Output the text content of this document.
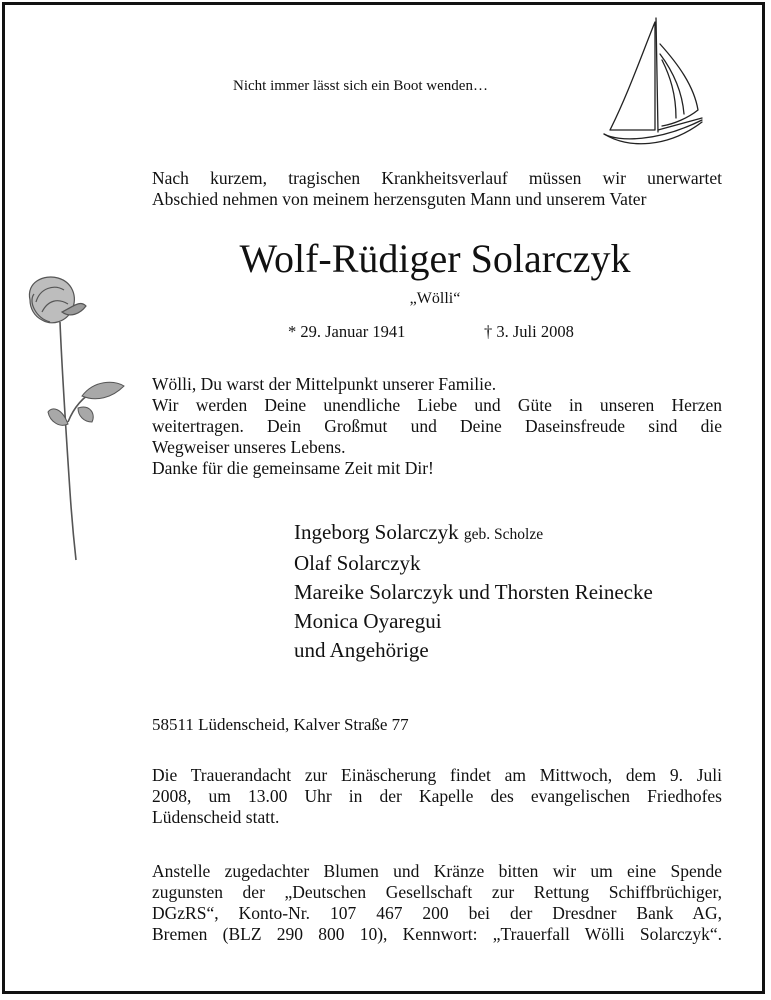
Nicht immer lässt sich ein Boot wenden…

Nach kurzem, tragischen Krankheitsverlauf müssen wir unerwartet
Abschied nehmen von meinem herzensguten Mann und unserem Vater
Wolf-Rüdiger Solarczyk
„Wölli“
* 29. Januar 1941	† 3. Juli 2008
Wölli, Du warst der Mittelpunkt unserer Familie.
Wir werden Deine unendliche Liebe und Güte in unseren Herzen
weitertragen. Dein Großmut und Deine Daseinsfreude sind die
Wegweiser unseres Lebens.
Danke für die gemeinsame Zeit mit Dir!
Ingeborg Solarczyk geb. Scholze
Olaf Solarczyk
Mareike Solarczyk und Thorsten Reinecke
Monica Oyaregui
und Angehörige
58511 Lüdenscheid, Kalver Straße 77
Die Trauerandacht zur Einäscherung findet am Mittwoch, dem 9. Juli
2008, um 13.00 Uhr in der Kapelle des evangelischen Friedhofes
Lüdenscheid statt.
Anstelle zugedachter Blumen und Kränze bitten wir um eine Spende
zugunsten der „Deutschen Gesellschaft zur Rettung Schiffbrüchiger,
DGzRS“, Konto-Nr. 107 467 200 bei der Dresdner Bank AG,
Bremen (BLZ 290 800 10), Kennwort: „Trauerfall Wölli Solarczyk“.
